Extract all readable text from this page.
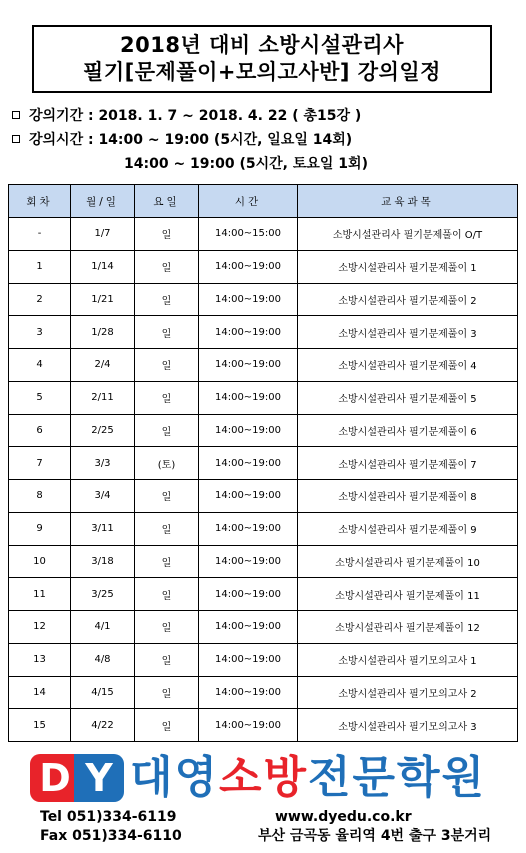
2018년 대비 소방시설관리사
필기[문제풀이+모의고사반] 강의일정
강의기간 : 2018. 1. 7 ~ 2018. 4. 22 ( 총15강 )
강의시간 : 14:00 ~ 19:00 (5시간, 일요일 14회)
14:00 ~ 19:00 (5시간, 토요일 1회)
회차	월/일	요일	시간	교육과목
-	1/7	일	14:00~15:00	소방시설관리사 필기문제풀이 O/T
1	1/14	일	14:00~19:00	소방시설관리사 필기문제풀이 1
2	1/21	일	14:00~19:00	소방시설관리사 필기문제풀이 2
3	1/28	일	14:00~19:00	소방시설관리사 필기문제풀이 3
4	2/4	일	14:00~19:00	소방시설관리사 필기문제풀이 4
5	2/11	일	14:00~19:00	소방시설관리사 필기문제풀이 5
6	2/25	일	14:00~19:00	소방시설관리사 필기문제풀이 6
7	3/3	(토)	14:00~19:00	소방시설관리사 필기문제풀이 7
8	3/4	일	14:00~19:00	소방시설관리사 필기문제풀이 8
9	3/11	일	14:00~19:00	소방시설관리사 필기문제풀이 9
10	3/18	일	14:00~19:00	소방시설관리사 필기문제풀이 10
11	3/25	일	14:00~19:00	소방시설관리사 필기문제풀이 11
12	4/1	일	14:00~19:00	소방시설관리사 필기문제풀이 12
13	4/8	일	14:00~19:00	소방시설관리사 필기모의고사 1
14	4/15	일	14:00~19:00	소방시설관리사 필기모의고사 2
15	4/22	일	14:00~19:00	소방시설관리사 필기모의고사 3
D Y 대영소방전문학원
Tel 051)334-6119
Fax 051)334-6110
www.dyedu.co.kr
부산 금곡동 율리역 4번 출구 3분거리
